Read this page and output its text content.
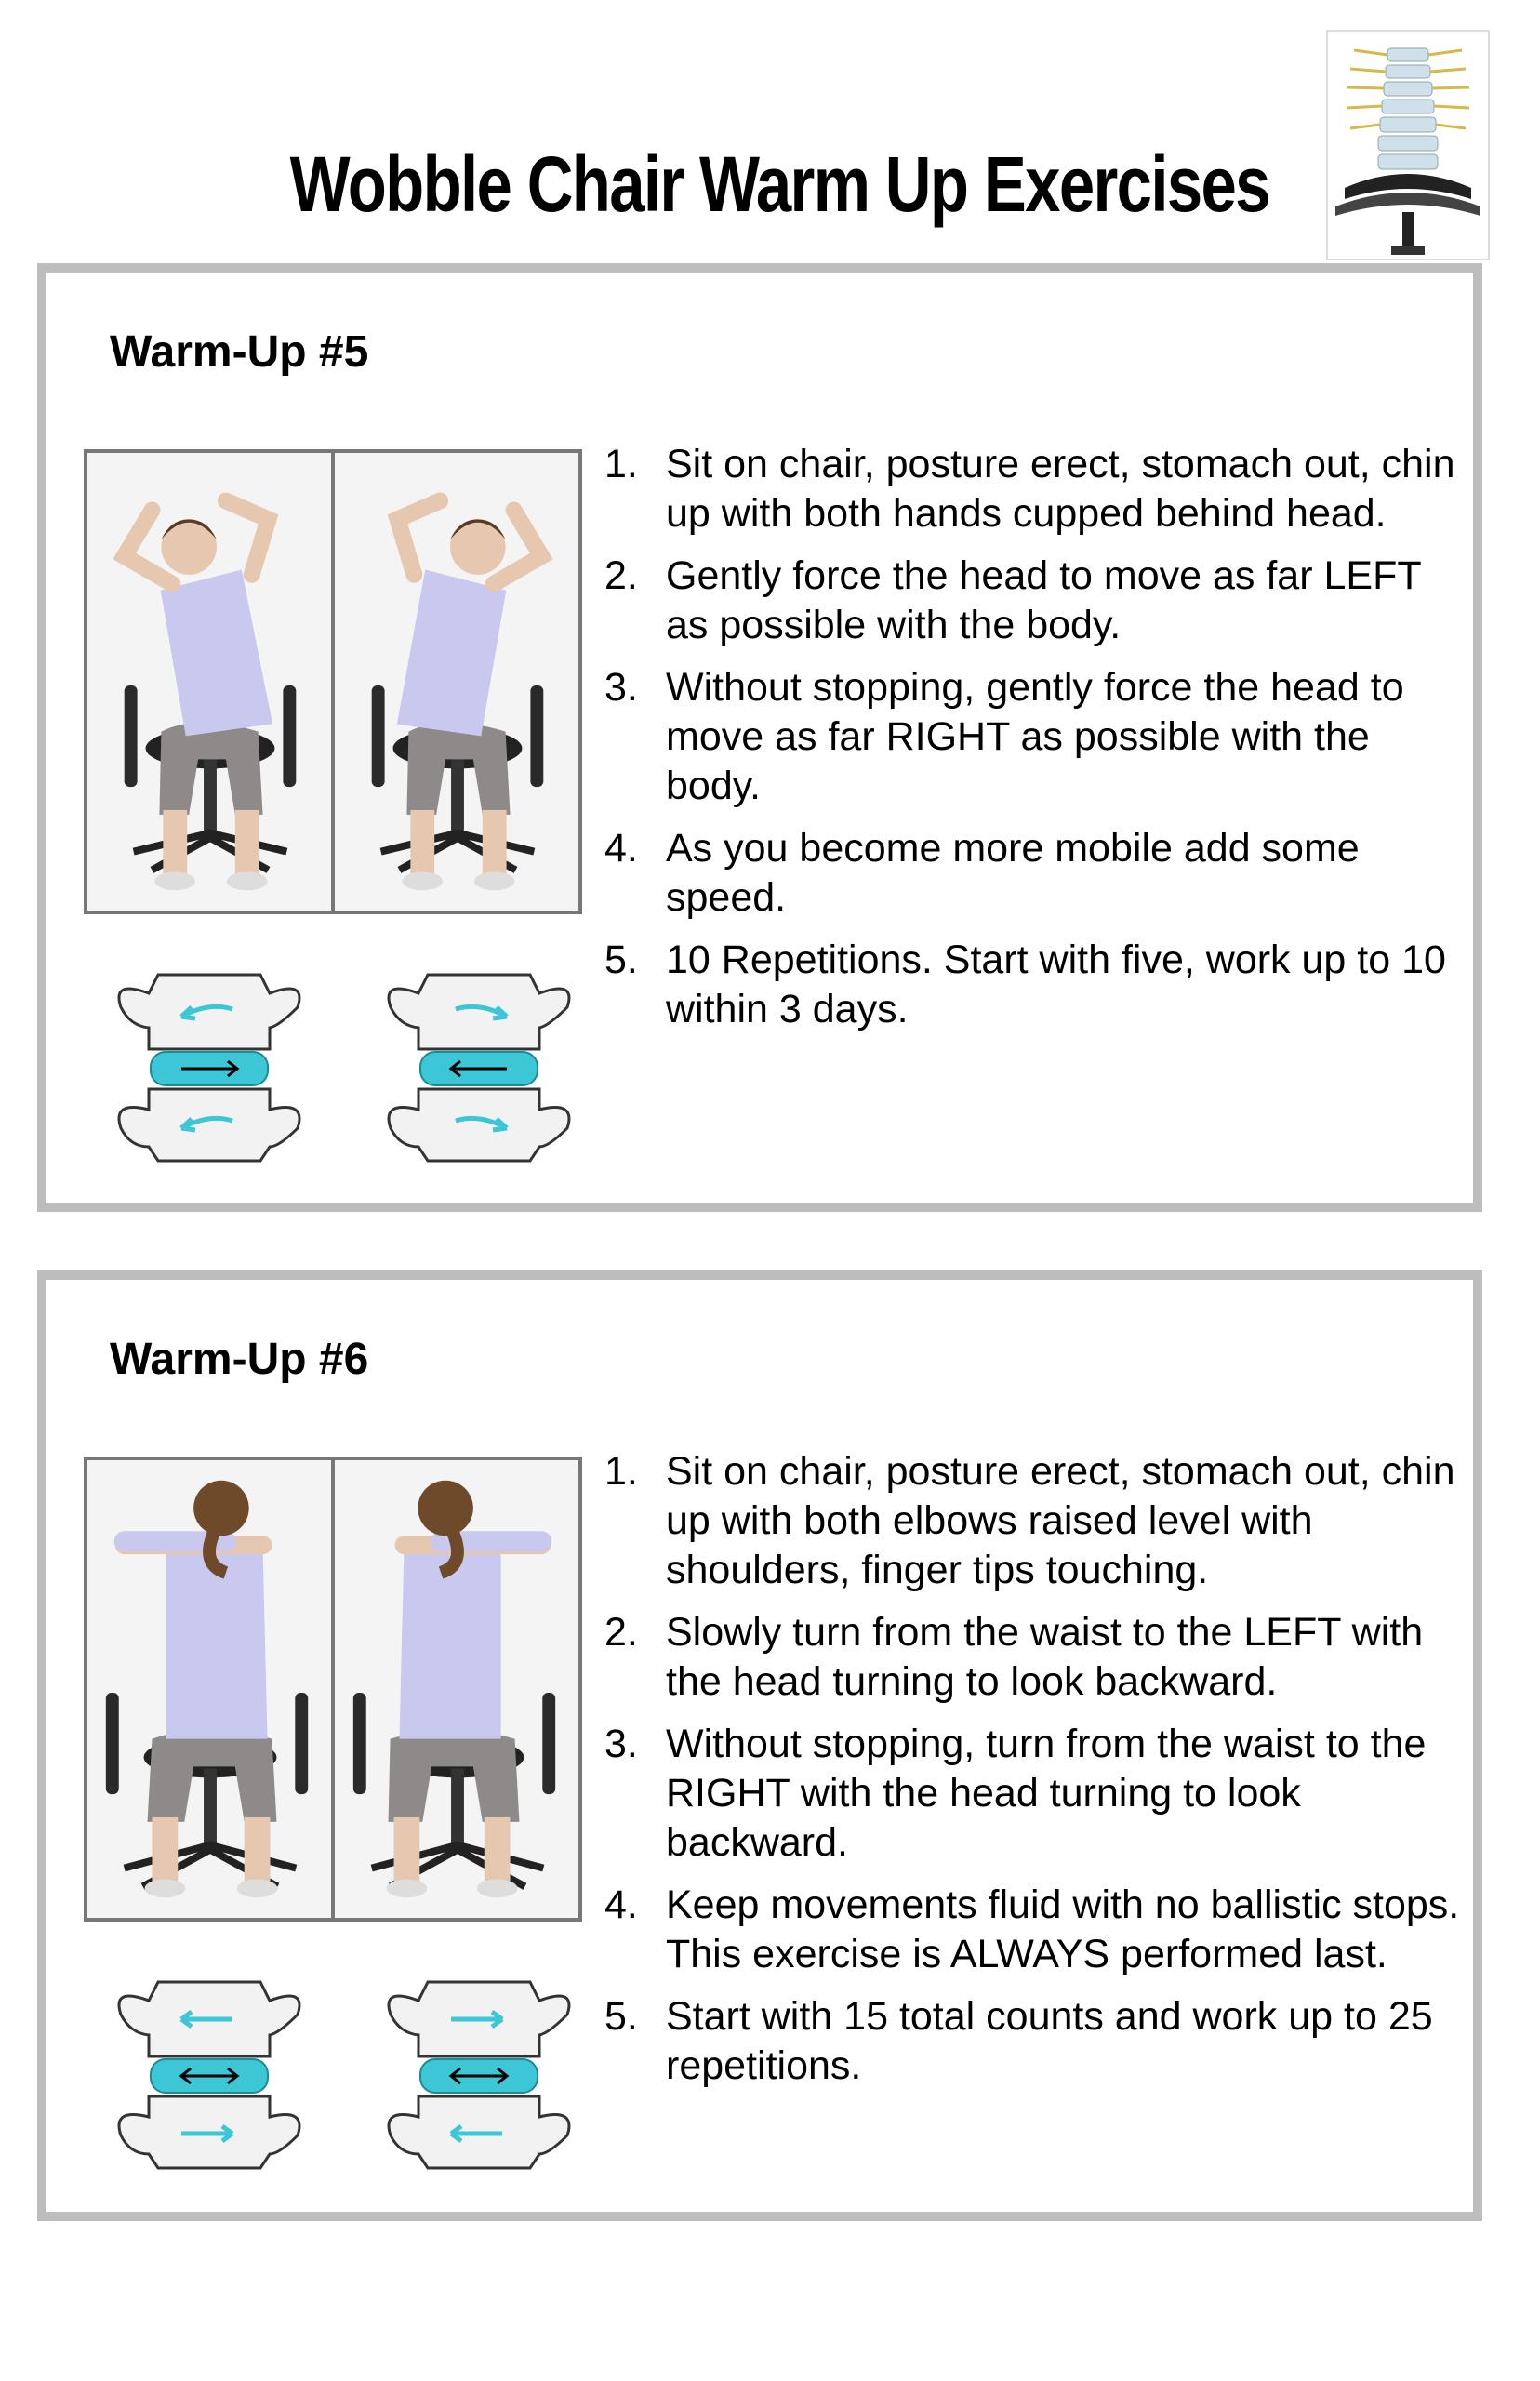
Wobble Chair Warm Up Exercises
Warm-Up #5
1. Sit on chair, posture erect, stomach out, chin up with both hands cupped behind head.
2. Gently force the head to move as far LEFT as possible with the body.
3. Without stopping, gently force the head to move as far RIGHT as possible with the body.
4. As you become more mobile add some speed.
5. 10 Repetitions. Start with five, work up to 10 within 3 days.
Warm-Up #6
1. Sit on chair, posture erect, stomach out, chin up with both elbows raised level with shoulders, finger tips touching.
2. Slowly turn from the waist to the LEFT with the head turning to look backward.
3. Without stopping, turn from the waist to the RIGHT with the head turning to look backward.
4. Keep movements fluid with no ballistic stops. This exercise is ALWAYS performed last.
5. Start with 15 total counts and work up to 25 repetitions.
